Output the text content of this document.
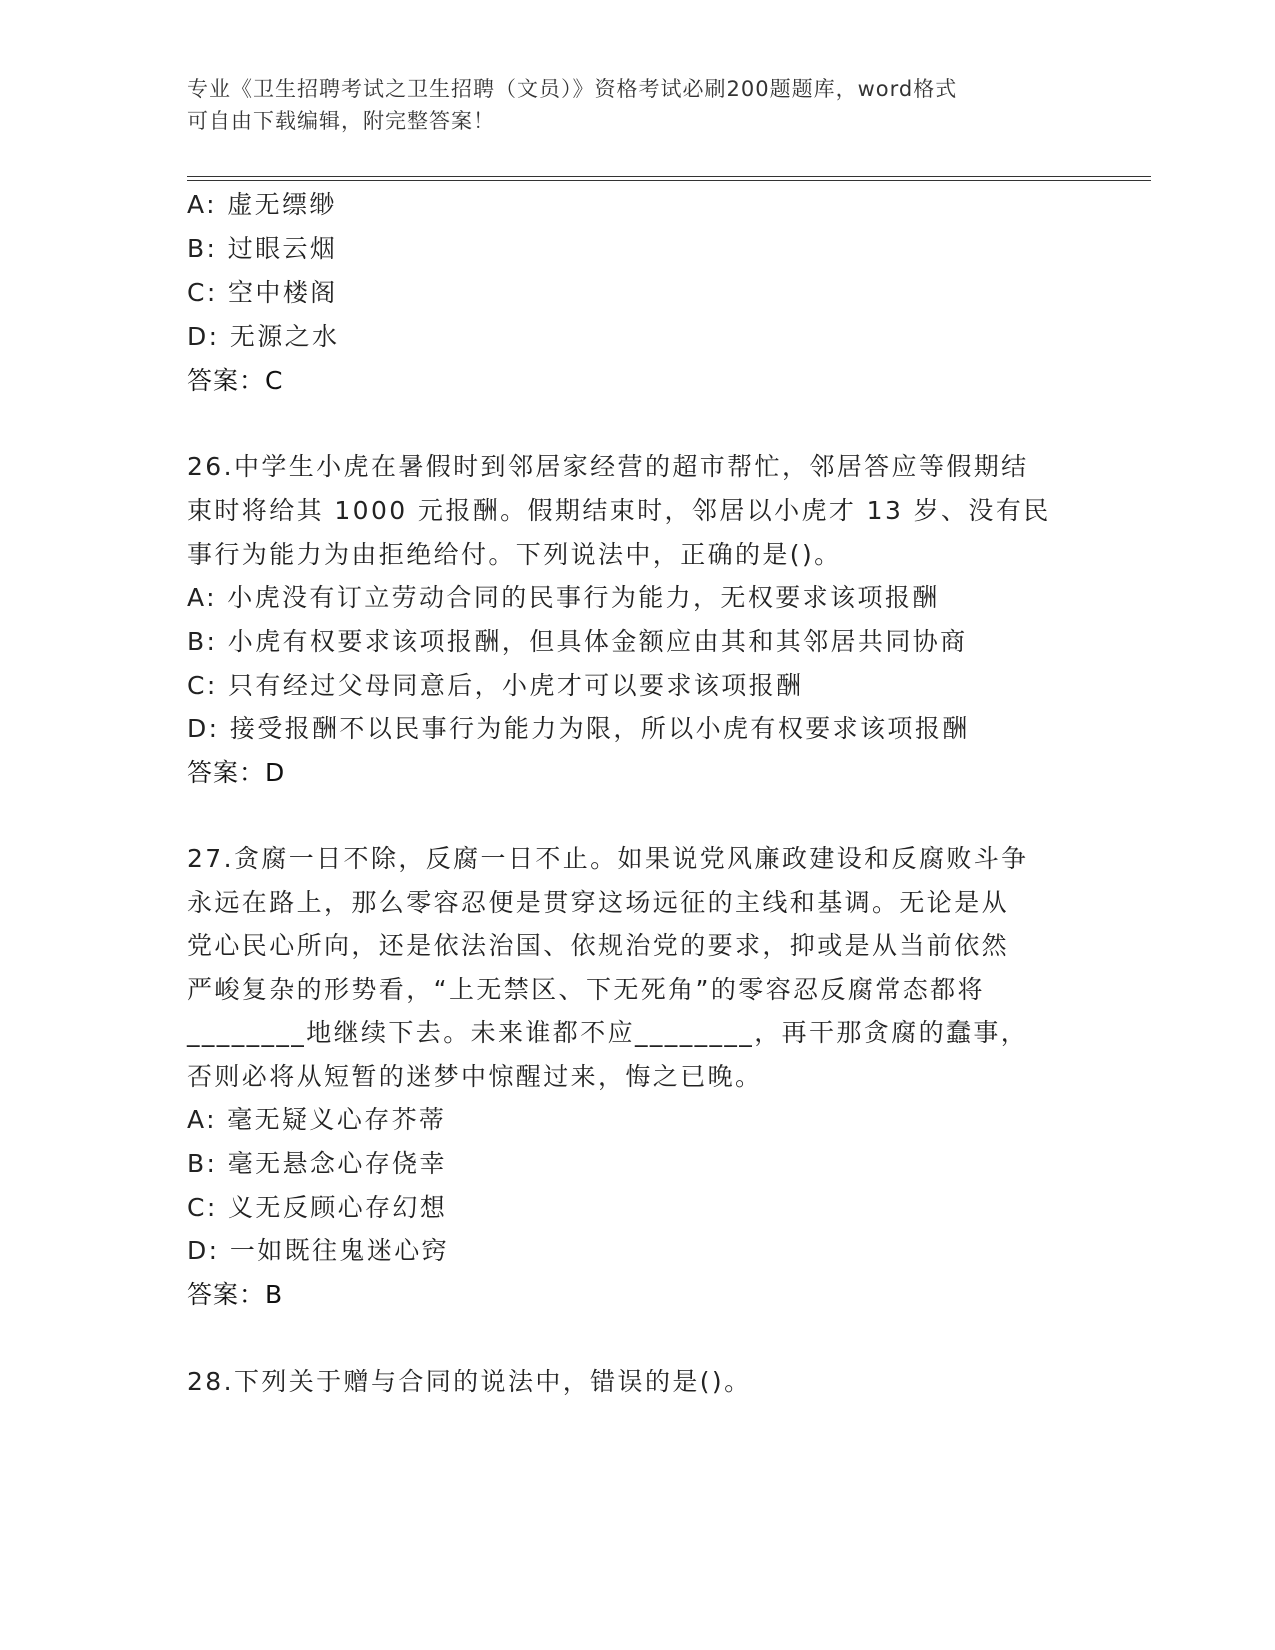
专业《卫生招聘考试之卫生招聘（文员）》资格考试必刷200题题库，word格式
可自由下载编辑，附完整答案！
A: 虚无缥缈
B: 过眼云烟
C: 空中楼阁
D: 无源之水
答案：C
26.中学生小虎在暑假时到邻居家经营的超市帮忙，邻居答应等假期结
束时将给其 1000 元报酬。假期结束时，邻居以小虎才 13 岁、没有民
事行为能力为由拒绝给付。下列说法中，正确的是()。
A: 小虎没有订立劳动合同的民事行为能力，无权要求该项报酬
B: 小虎有权要求该项报酬，但具体金额应由其和其邻居共同协商
C: 只有经过父母同意后，小虎才可以要求该项报酬
D: 接受报酬不以民事行为能力为限，所以小虎有权要求该项报酬
答案：D
27.贪腐一日不除，反腐一日不止。如果说党风廉政建设和反腐败斗争
永远在路上，那么零容忍便是贯穿这场远征的主线和基调。无论是从
党心民心所向，还是依法治国、依规治党的要求，抑或是从当前依然
严峻复杂的形势看，“上无禁区、下无死角”的零容忍反腐常态都将
________地继续下去。未来谁都不应________，再干那贪腐的蠢事，
否则必将从短暂的迷梦中惊醒过来，悔之已晚。
A: 毫无疑义心存芥蒂
B: 毫无悬念心存侥幸
C: 义无反顾心存幻想
D: 一如既往鬼迷心窍
答案：B
28.下列关于赠与合同的说法中，错误的是()。
